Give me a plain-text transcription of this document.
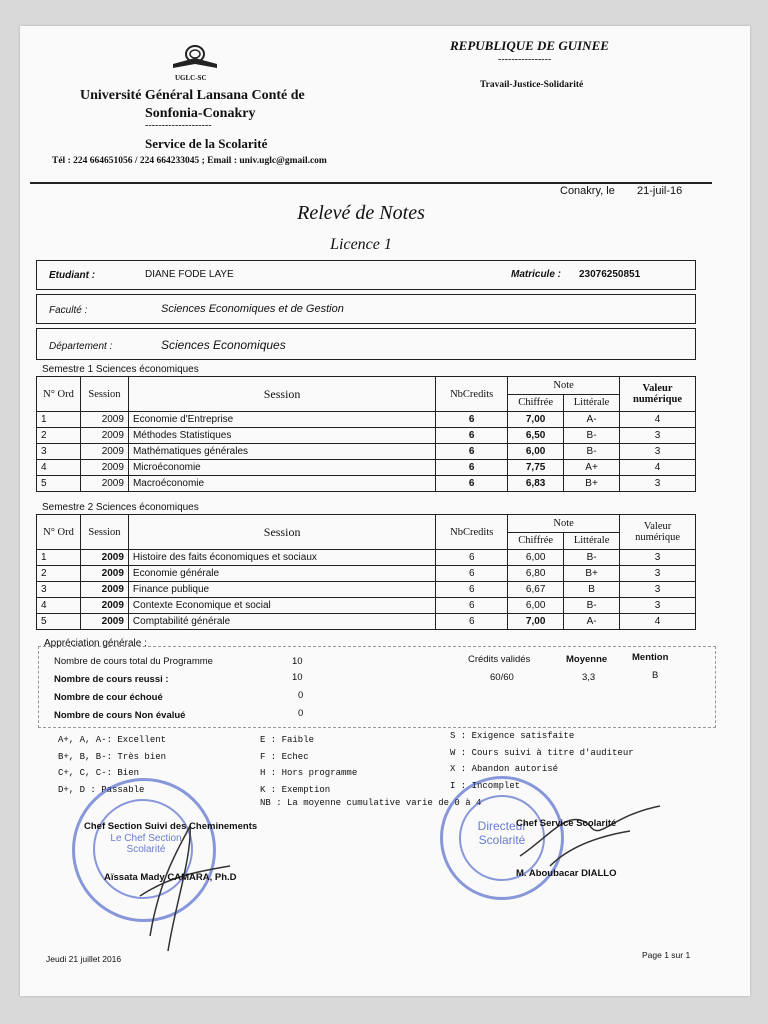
UGLC-SC
Université Général Lansana Conté de
Sonfonia-Conakry
--------------------
Service de la Scolarité
Tél : 224 664651056 / 224 664233045 ; Email : univ.uglc@gmail.com
REPUBLIQUE DE GUINEE
----------------
Travail-Justice-Solidarité
Conakry, le 21-juil-16
Relevé de Notes
Licence 1
Etudiant :	DIANE FODE LAYE	Matricule : 23076250851
Faculté :	Sciences Economiques et de Gestion
Département :	Sciences Economiques
Semestre 1 Sciences économiques
N° Ord	Session	Session	NbCredits	Note		Valeur
numérique
				Chiffrée	Littérale	
1	2009	Economie d'Entreprise	6	7,00	A-	4
2	2009	Méthodes Statistiques	6	6,50	B-	3
3	2009	Mathématiques générales	6	6,00	B-	3
4	2009	Microéconomie	6	7,75	A+	4
5	2009	Macroéconomie	6	6,83	B+	3
Semestre 2 Sciences économiques
N° Ord	Session	Session	NbCredits	Note		Valeur
numérique
				Chiffrée	Littérale	
1	2009	Histoire des faits économiques et sociaux	6	6,00	B-	3
2	2009	Economie générale	6	6,80	B+	3
3	2009	Finance publique	6	6,67	B	3
4	2009	Contexte Economique et social	6	6,00	B-	3
5	2009	Comptabilité générale	6	7,00	A-	4
Appréciation générale :
Nombre de cours total du Programme	10
Nombre de cours reussi :	10
Nombre de cour échoué	0
Nombre de cours Non évalué	0
Crédits validés
60/60
Moyenne
3,3
Mention
B
A+, A, A-: Excellent
B+, B, B-: Très bien
C+, C, C-: Bien
D+, D : Passable
E : Faible
F : Echec
H : Hors programme
K : Exemption
S : Exigence satisfaite
W : Cours suivi à titre d'auditeur
X : Abandon autorisé
I : Incomplet
NB : La moyenne cumulative varie de 0 à 4
Le Chef Section Scolarité
Directeur Scolarité
Chef Section Suivi des Cheminements
Aïssata Mady CAMARA, Ph.D
Chef Service Scolarité
M. Aboubacar DIALLO
Jeudi 21 juillet 2016	Page 1 sur 1
